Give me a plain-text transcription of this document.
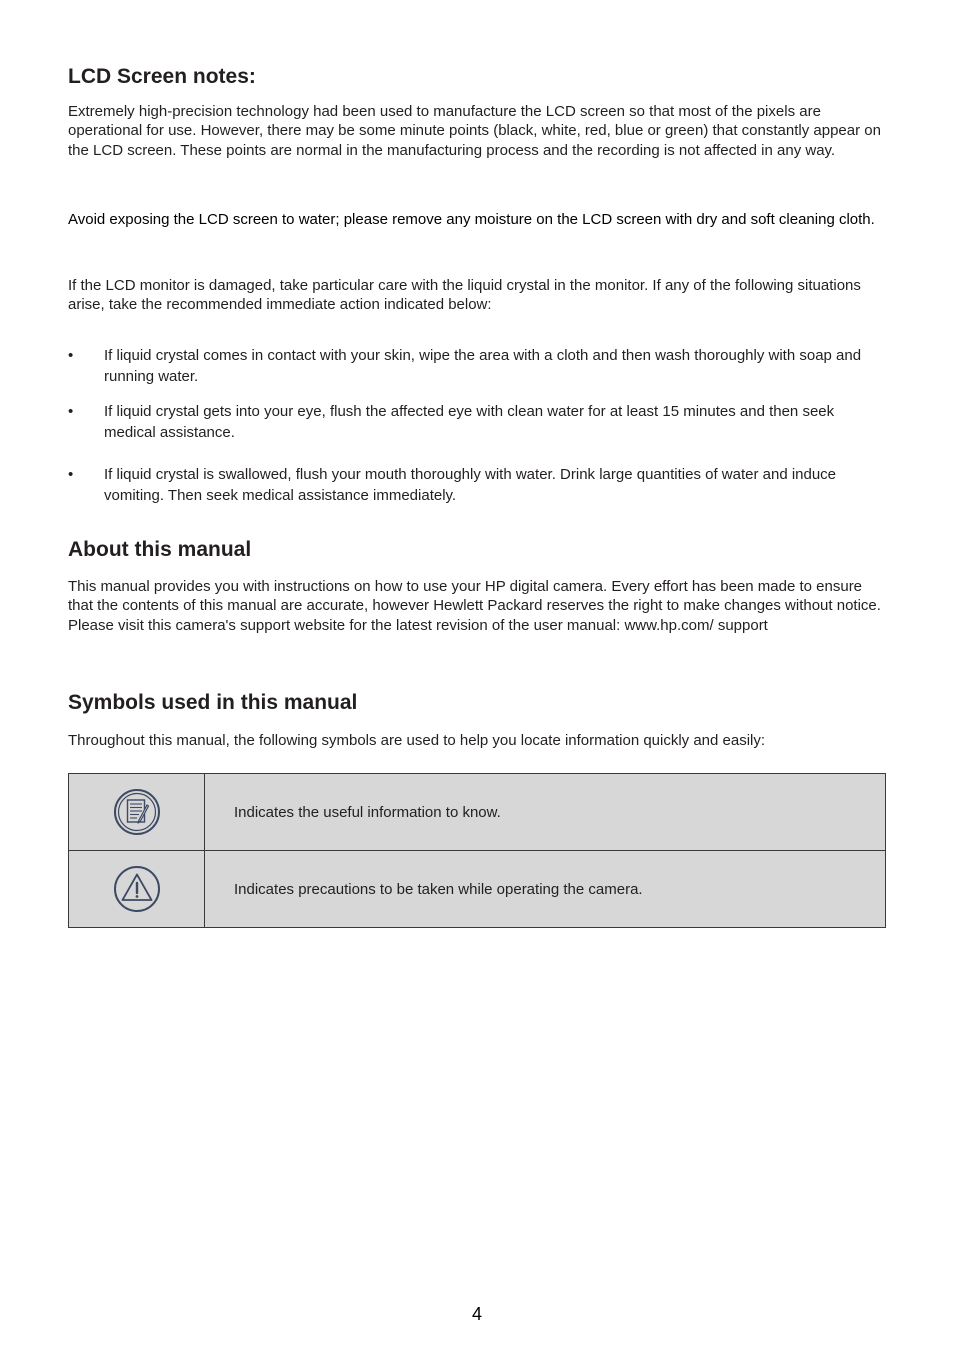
LCD Screen notes:

Extremely high-precision technology had been used to manufacture the LCD screen so that most of the pixels are operational for use. However, there may be some minute points (black, white, red, blue or green) that constantly appear on the LCD screen. These points are normal in the manufacturing process and the recording is not affected in any way.

Avoid exposing the LCD screen to water; please remove any moisture on the LCD screen with dry and soft cleaning cloth.

If the LCD monitor is damaged, take particular care with the liquid crystal in the monitor. If any of the following situations arise, take the recommended immediate action indicated below:

• If liquid crystal comes in contact with your skin, wipe the area with a cloth and then wash thoroughly with soap and running water.
• If liquid crystal gets into your eye, flush the affected eye with clean water for at least 15 minutes and then seek medical assistance.
• If liquid crystal is swallowed, flush your mouth thoroughly with water. Drink large quantities of water and induce vomiting. Then seek medical assistance immediately.
About this manual

This manual provides you with instructions on how to use your HP digital camera. Every effort has been made to ensure that the contents of this manual are accurate, however Hewlett Packard reserves the right to make changes without notice. Please visit this camera's support website for the latest revision of the user manual: www.hp.com/ support

Symbols used in this manual

Throughout this manual, the following symbols are used to help you locate information quickly and easily:

	Indicates the useful information to know.

	Indicates precautions to be taken while operating the camera.
4
